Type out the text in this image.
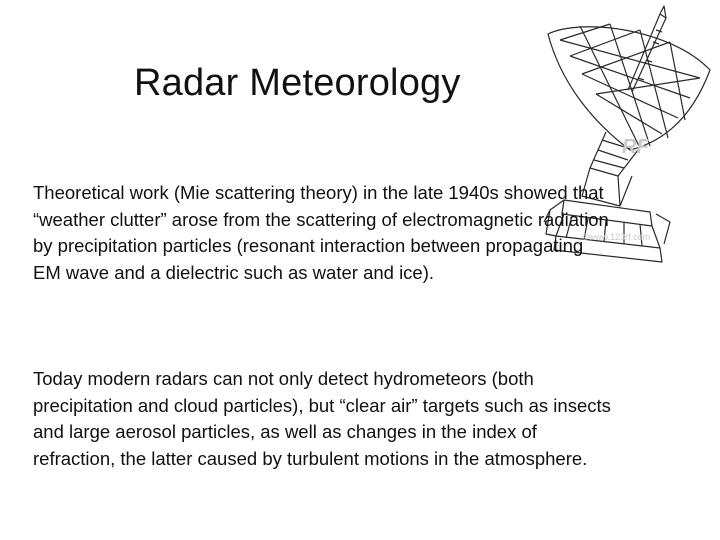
RF
©www.123rf.com
Radar Meteorology

Theoretical work (Mie scattering theory) in the late 1940s showed that “weather clutter” arose from the scattering of electromagnetic radiation by precipitation particles (resonant interaction between propagating EM wave and a dielectric such as water and ice).

Today modern radars can not only detect hydrometeors (both precipitation and cloud particles), but “clear air” targets such as insects and large aerosol particles, as well as changes in the index of refraction, the latter caused by turbulent motions in the atmosphere.
